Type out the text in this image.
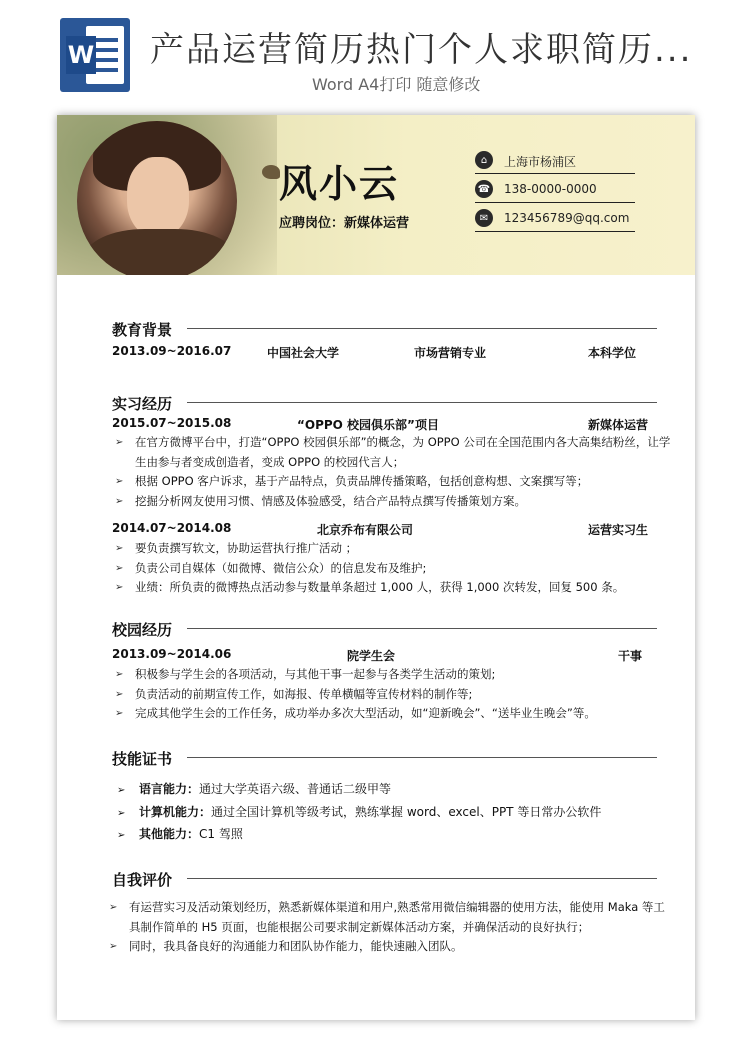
W 产品运营简历热门个人求职简历...
Word A4打印 随意修改
风小云
应聘岗位：新媒体运营
⌂	上海市杨浦区
☎ 138-0000-0000
✉	123456789@qq.com
教育背景
2013.09~2016.07	中国社会大学	市场营销专业	本科学位
实习经历
2015.07~2015.08	“OPPO 校园俱乐部”项目	新媒体运营
➢ 在官方微博平台中，打造“OPPO 校园俱乐部”的概念，为 OPPO 公司在全国范围内各大高集结粉丝，让学生由参与者变成创造者，变成 OPPO 的校园代言人；
➢ 根据 OPPO 客户诉求，基于产品特点，负责品牌传播策略，包括创意构想、文案撰写等；
➢ 挖掘分析网友使用习惯、情感及体验感受，结合产品特点撰写传播策划方案。
2014.07~2014.08	北京乔布有限公司	运营实习生
➢ 要负责撰写软文，协助运营执行推广活动 ；
➢ 负责公司自媒体（如微博、微信公众）的信息发布及维护;
➢ 业绩：所负责的微博热点活动参与数量单条超过 1,000 人，获得 1,000 次转发，回复 500 条。
校园经历
2013.09~2014.06	院学生会	干事
➢ 积极参与学生会的各项活动，与其他干事一起参与各类学生活动的策划;
➢ 负责活动的前期宣传工作，如海报、传单横幅等宣传材料的制作等;
➢ 完成其他学生会的工作任务，成功举办多次大型活动，如“迎新晚会”、“送毕业生晚会”等。
技能证书
➢ 语言能力：通过大学英语六级、普通话二级甲等
➢ 计算机能力：通过全国计算机等级考试，熟练掌握 word、excel、PPT 等日常办公软件
➢ 其他能力：C1 驾照
自我评价
➢ 有运营实习及活动策划经历，熟悉新媒体渠道和用户,熟悉常用微信编辑器的使用方法，能使用 Maka 等工具制作简单的 H5 页面，也能根据公司要求制定新媒体活动方案，并确保活动的良好执行；
➢ 同时，我具备良好的沟通能力和团队协作能力，能快速融入团队。
